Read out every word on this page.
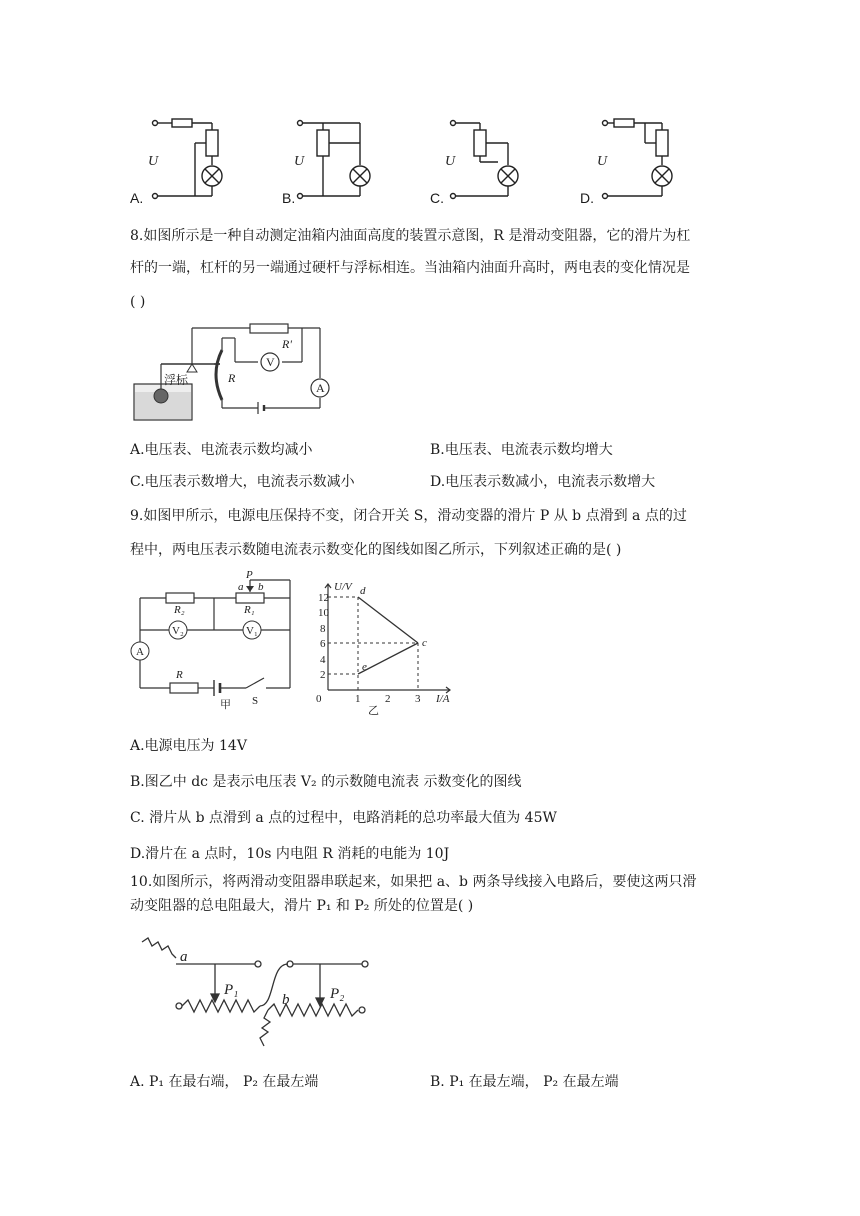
U	U	U	U
A.	B.	C.	D.
8.如图所示是一种自动测定油箱内油面高度的装置示意图，R 是滑动变阻器，它的滑片为杠
杆的一端，杠杆的另一端通过硬杆与浮标相连。当油箱内油面升高时，两电表的变化情况是
( )
V
A
R'
R
浮标
A.电压表、电流表示数均减小	B.电压表、电流表示数均增大
C.电压表示数增大，电流表示数减小	D.电压表示数减小，电流表示数增大
9.如图甲所示，电源电压保持不变，闭合开关 S，滑动变器的滑片 P 从 b 点滑到 a 点的过
程中，两电压表示数随电流表示数变化的图线如图乙所示，下列叙述正确的是( )
V₂	V₁
A
R₂	R₁
P
a b
R
S
甲
12
10
8
6
4
2
0	1 2 3
U/V
I/A
d
c
e
乙
A.电源电压为 14V
B.图乙中 dc 是表示电压表 V₂ 的示数随电流表 示数变化的图线
C. 滑片从 b 点滑到 a 点的过程中，电路消耗的总功率最大值为 45W
D.滑片在 a 点时，10s 内电阻 R 消耗的电能为 10J
10.如图所示，将两滑动变阻器串联起来，如果把 a、b 两条导线接入电路后，要使这两只滑
动变阻器的总电阻最大，滑片 P₁ 和 P₂ 所处的位置是( )
a
b
P₁	P₂
A. P₁ 在最右端， P₂ 在最左端	B. P₁ 在最左端， P₂ 在最左端
